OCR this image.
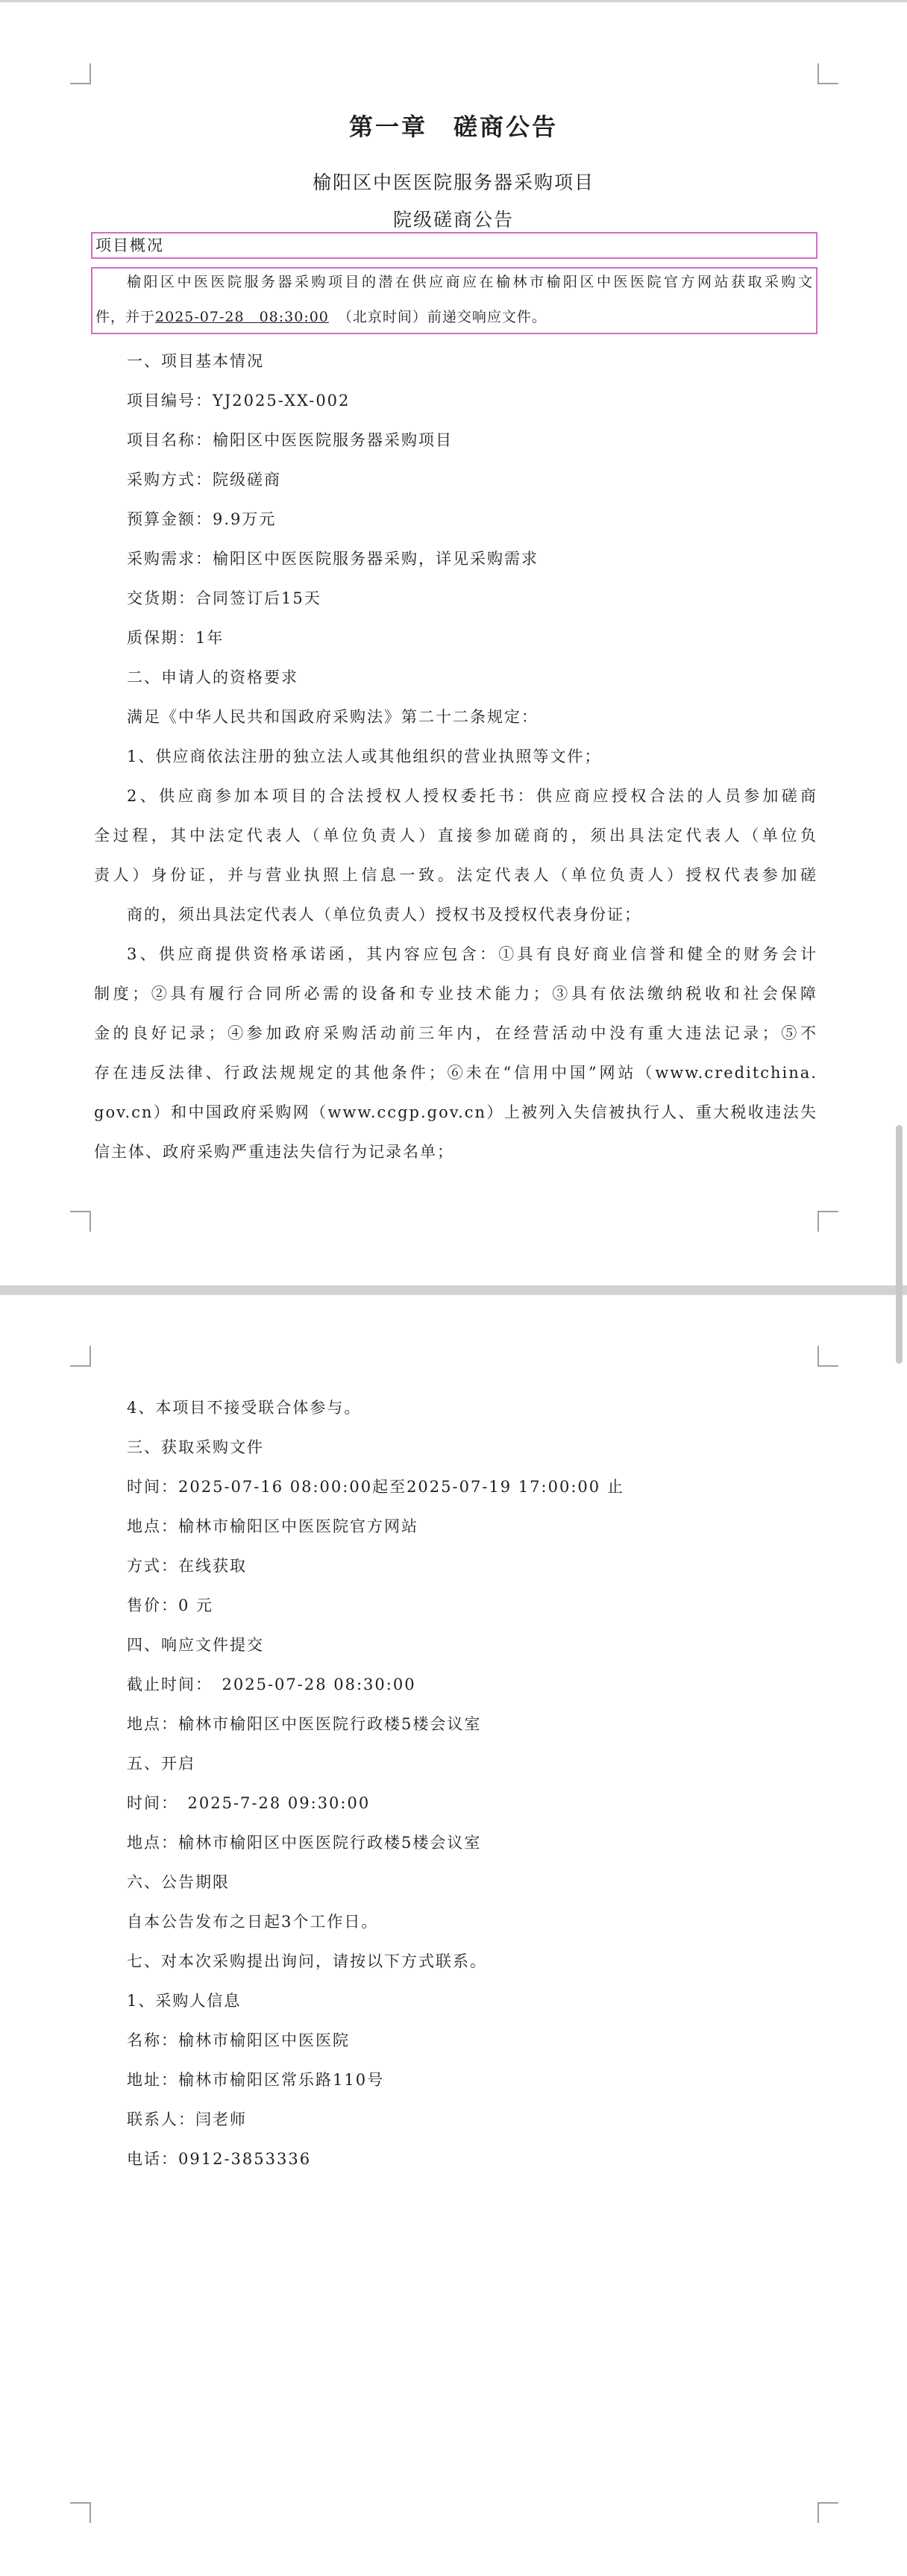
第一章　磋商公告
榆阳区中医医院服务器采购项目
院级磋商公告
项目概况
榆阳区中医医院服务器采购项目的潜在供应商应在榆林市榆阳区中医医院官方网站获取采购文
件，并于2025-07-28　08:30:00 （北京时间）前递交响应文件。
一、项目基本情况
项目编号：YJ2025-XX-002
项目名称：榆阳区中医医院服务器采购项目
采购方式：院级磋商
预算金额：9.9万元
采购需求：榆阳区中医医院服务器采购，详见采购需求
交货期：合同签订后15天
质保期：1年
二、申请人的资格要求
满足《中华人民共和国政府采购法》第二十二条规定：
1、供应商依法注册的独立法人或其他组织的营业执照等文件；
2、供应商参加本项目的合法授权人授权委托书：供应商应授权合法的人员参加磋商
全过程，其中法定代表人（单位负责人）直接参加磋商的，须出具法定代表人（单位负
责人）身份证，并与营业执照上信息一致。法定代表人（单位负责人）授权代表参加磋
商的，须出具法定代表人（单位负责人）授权书及授权代表身份证；
3、供应商提供资格承诺函，其内容应包含：①具有良好商业信誉和健全的财务会计
制度；②具有履行合同所必需的设备和专业技术能力；③具有依法缴纳税收和社会保障
金的良好记录；④参加政府采购活动前三年内，在经营活动中没有重大违法记录；⑤不
存在违反法律、行政法规规定的其他条件；⑥未在“信用中国”网站（www.creditchina.
gov.cn）和中国政府采购网（www.ccgp.gov.cn）上被列入失信被执行人、重大税收违法失
信主体、政府采购严重违法失信行为记录名单；
4、本项目不接受联合体参与。
三、获取采购文件
时间：2025-07-16 08:00:00起至2025-07-19 17:00:00 止
地点：榆林市榆阳区中医医院官方网站
方式：在线获取
售价：0 元
四、响应文件提交
截止时间：　2025-07-28 08:30:00
地点：榆林市榆阳区中医医院行政楼5楼会议室
五、开启
时间：　2025-7-28 09:30:00
地点：榆林市榆阳区中医医院行政楼5楼会议室
六、公告期限
自本公告发布之日起3个工作日。
七、对本次采购提出询问，请按以下方式联系。
1、采购人信息
名称：榆林市榆阳区中医医院
地址：榆林市榆阳区常乐路110号
联系人：闫老师
电话：0912-3853336
